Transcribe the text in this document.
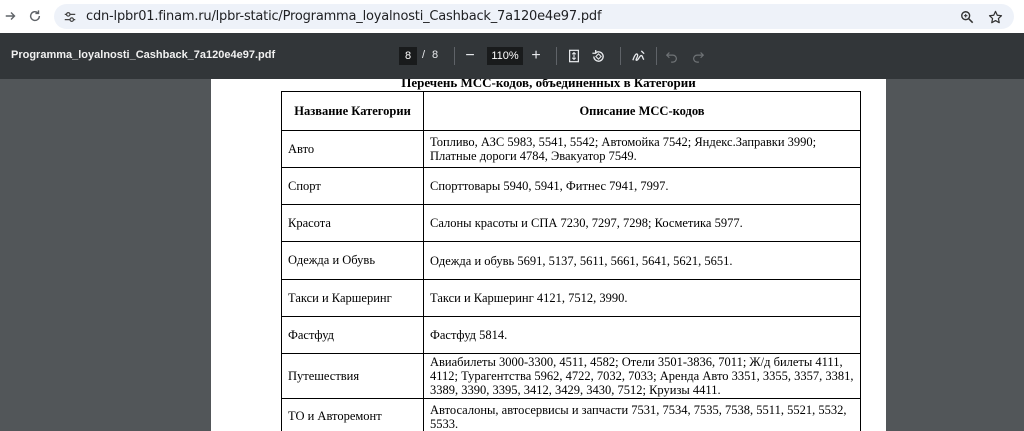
cdn-lpbr01.finam.ru/lpbr-static/Programma_loyalnosti_Cashback_7a120e4e97.pdf
Programma_loyalnosti_Cashback_7a120e4e97.pdf	8 / 8	−	110% +
Перечень МСС-кодов, объединенных в Категории
Название Категории	Описание МСС-кодов
Авто	Топливо, АЗС 5983, 5541, 5542; Автомойка 7542; Яндекс.Заправки 3990; Платные дороги 4784, Эвакуатор 7549.
Спорт	Спорттовары 5940, 5941, Фитнес 7941, 7997.
Красота	Салоны красоты и СПА 7230, 7297, 7298; Косметика 5977.
Одежда и Обувь	Одежда и обувь 5691, 5137, 5611, 5661, 5641, 5621, 5651.
Такси и Каршеринг	Такси и Каршеринг 4121, 7512, 3990.
Фастфуд	Фастфуд 5814.
Путешествия	Авиабилеты 3000-3300, 4511, 4582; Отели 3501-3836, 7011; Ж/д билеты 4111, 4112; Турагентства 5962, 4722, 7032, 7033; Аренда Авто 3351, 3355, 3357, 3381, 3389, 3390, 3395, 3412, 3429, 3430, 7512; Круизы 4411.
ТО и Авторемонт	Автосалоны, автосервисы и запчасти 7531, 7534, 7535, 7538, 5511, 5521, 5532, 5533.
